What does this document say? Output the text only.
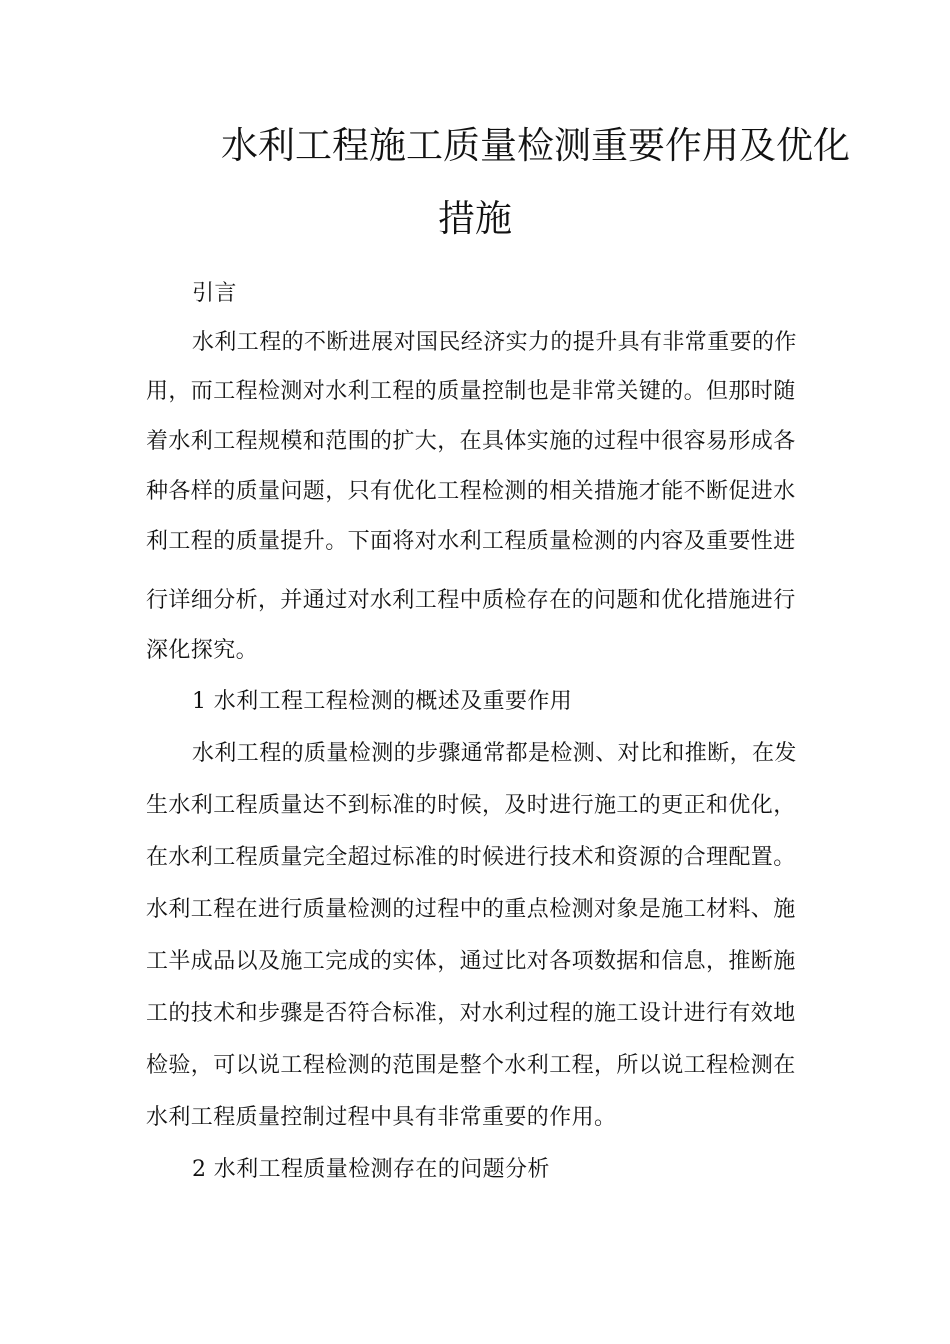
水利工程施工质量检测重要作用及优化
措施
引言
水利工程的不断进展对国民经济实力的提升具有非常重要的作
用，而工程检测对水利工程的质量控制也是非常关键的。但那时随
着水利工程规模和范围的扩大，在具体实施的过程中很容易形成各
种各样的质量问题，只有优化工程检测的相关措施才能不断促进水
利工程的质量提升。下面将对水利工程质量检测的内容及重要性进
行详细分析，并通过对水利工程中质检存在的问题和优化措施进行
深化探究。
1 水利工程工程检测的概述及重要作用
水利工程的质量检测的步骤通常都是检测、对比和推断，在发
生水利工程质量达不到标准的时候，及时进行施工的更正和优化，
在水利工程质量完全超过标准的时候进行技术和资源的合理配置。
水利工程在进行质量检测的过程中的重点检测对象是施工材料、施
工半成品以及施工完成的实体，通过比对各项数据和信息，推断施
工的技术和步骤是否符合标准，对水利过程的施工设计进行有效地
检验，可以说工程检测的范围是整个水利工程，所以说工程检测在
水利工程质量控制过程中具有非常重要的作用。
2 水利工程质量检测存在的问题分析
